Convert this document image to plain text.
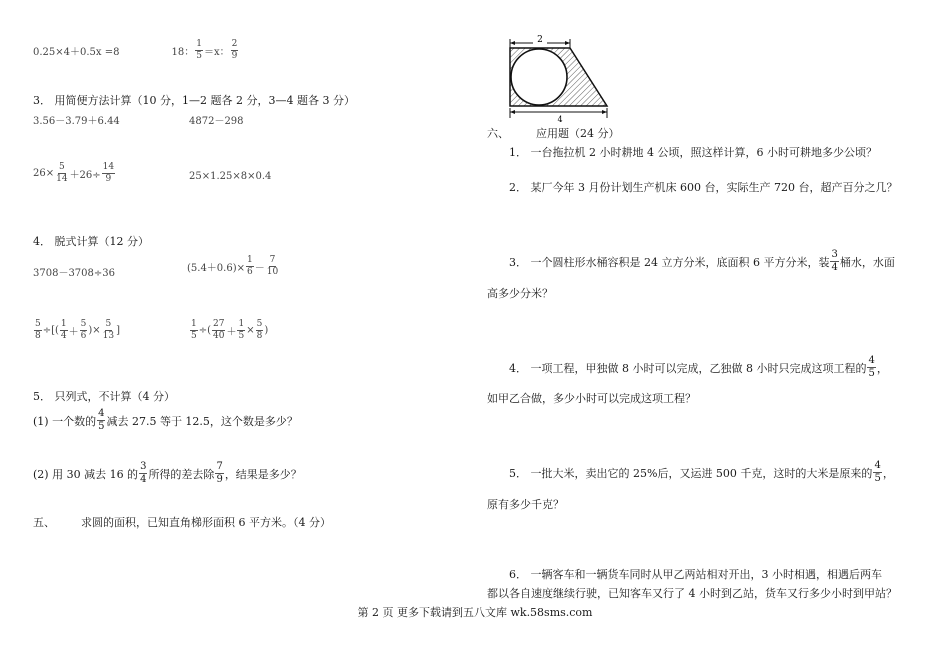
0.25×4＋0.5x =8	18： $\frac{1}{5} =x$： $\frac{2}{9}$
3． 用简便方法计算（10 分，1—2 题各 2 分，3—4 题各 3 分）
3.56－3.79＋6.44	4872－298
$26\times \frac{5}{14} +26\div \frac{14}{9}$	25×1.25×8×0.4
4． 脱式计算（12 分）
3708－3708÷36	$(5.4+0.6)\times \frac{1}{6} - \frac{7}{10}$
$\frac{5}{8}$ ÷[( $\frac{1}{4} + \frac{5}{6}$ )× $\frac{5}{13}$ ]	$\frac{1}{5}$ ÷( $\frac{27}{40} + \frac{1}{5} \times \frac{5}{8}$ )
5． 只列式，不计算（4 分）
(1) 一个数的 $\frac{4}{5}$ 减去 27.5 等于 12.5，这个数是多少？
(2) 用 30 减去 16 的 $\frac{3}{4}$ 所得的差去除 $\frac{7}{9}$ ，结果是多少？
五、 求圆的面积，已知直角梯形面积 6 平方米。（4 分）
2
4
六、 应用题（24 分）
1． 一台拖拉机 2 小时耕地 4 公顷，照这样计算，6 小时可耕地多少公顷？
2． 某厂今年 3 月份计划生产机床 600 台，实际生产 720 台，超产百分之几？
3． 一个圆柱形水桶容积是 24 立方分米，底面积 6 平方分米，装 $\frac{3}{4}$ 桶水，水面
高多少分米？
4． 一项工程，甲独做 8 小时可以完成，乙独做 8 小时只完成这项工程的 $\frac{4}{5}$ ，
如甲乙合做，多少小时可以完成这项工程？
5． 一批大米，卖出它的 25%后，又运进 500 千克，这时的大米是原来的 $\frac{4}{5}$ ，
原有多少千克？
6． 一辆客车和一辆货车同时从甲乙两站相对开出，3 小时相遇，相遇后两车
都以各自速度继续行驶，已知客车又行了 4 小时到乙站，货车又行多少小时到甲站？
第 2 页 更多下载请到五八文库 wk.58sms.com
